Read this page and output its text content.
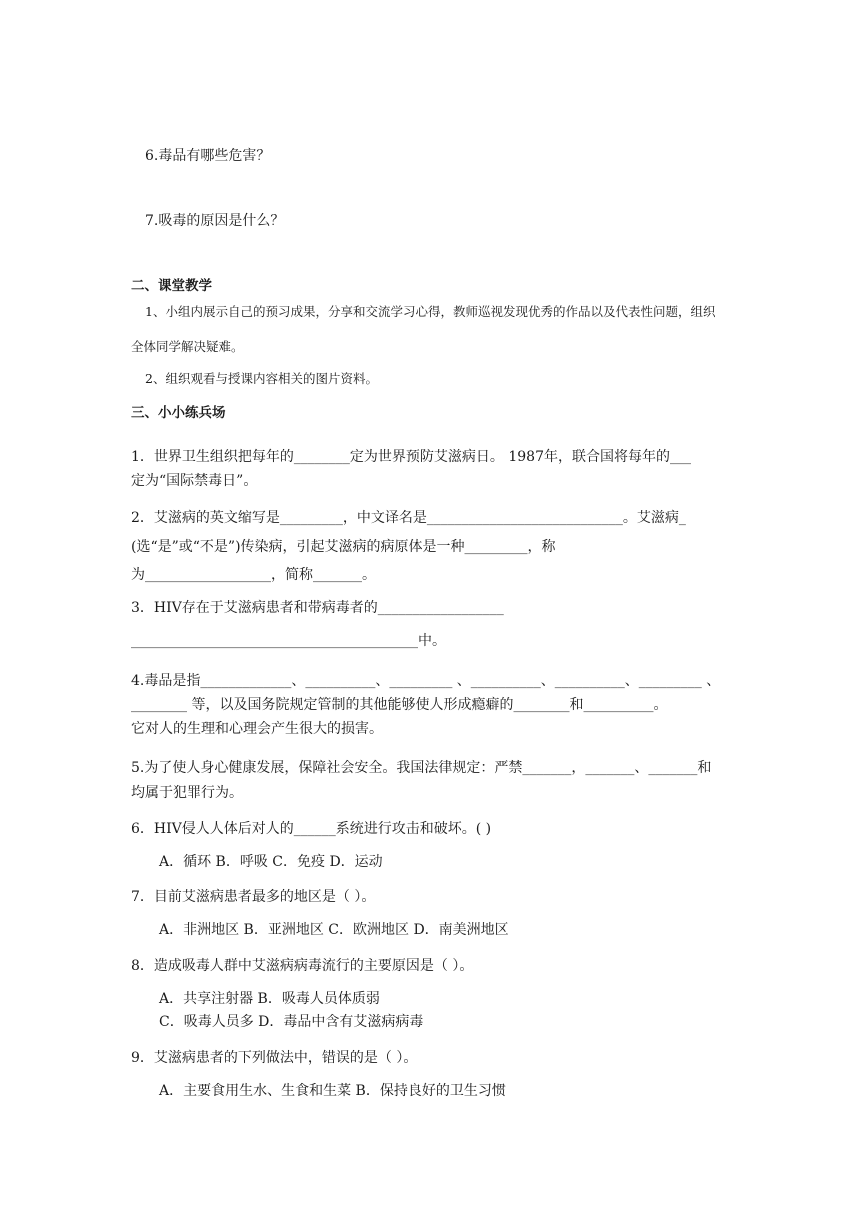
6.毒品有哪些危害？
7.吸毒的原因是什么？
二、课堂教学
1、小组内展示自己的预习成果，分享和交流学习心得，教师巡视发现优秀的作品以及代表性问题，组织
全体同学解决疑难。
2、组织观看与授课内容相关的图片资料。
三、小小练兵场
1．世界卫生组织把每年的________定为世界预防艾滋病日。 1987年，联合国将每年的___
定为“国际禁毒日”。
2．艾滋病的英文缩写是_________，中文译名是____________________________。艾滋病_
(选“是”或“不是”)传染病，引起艾滋病的病原体是一种_________，称
为__________________，简称_______。
3．HIV存在于艾滋病患者和带病毒者的__________________
_________________________________________中。
4.毒品是指_____________、__________、_________ 、__________、__________、_________ 、
________ 等，以及国务院规定管制的其他能够使人形成瘾癖的________和__________。
它对人的生理和心理会产生很大的损害。
5.为了使人身心健康发展，保障社会安全。我国法律规定：严禁_______，_______、_______和
均属于犯罪行为。
6．HIV侵人人体后对人的______系统进行攻击和破坏。( )
A．循环 B．呼吸 C．免疫 D．运动
7．目前艾滋病患者最多的地区是（ ）。
A．非洲地区 B．亚洲地区 C．欧洲地区 D．南美洲地区
8．造成吸毒人群中艾滋病病毒流行的主要原因是（ ）。
A．共享注射器 B．吸毒人员体质弱
C．吸毒人员多 D．毒品中含有艾滋病病毒
9．艾滋病患者的下列做法中，错误的是（ ）。
A．主要食用生水、生食和生菜 B．保持良好的卫生习惯
